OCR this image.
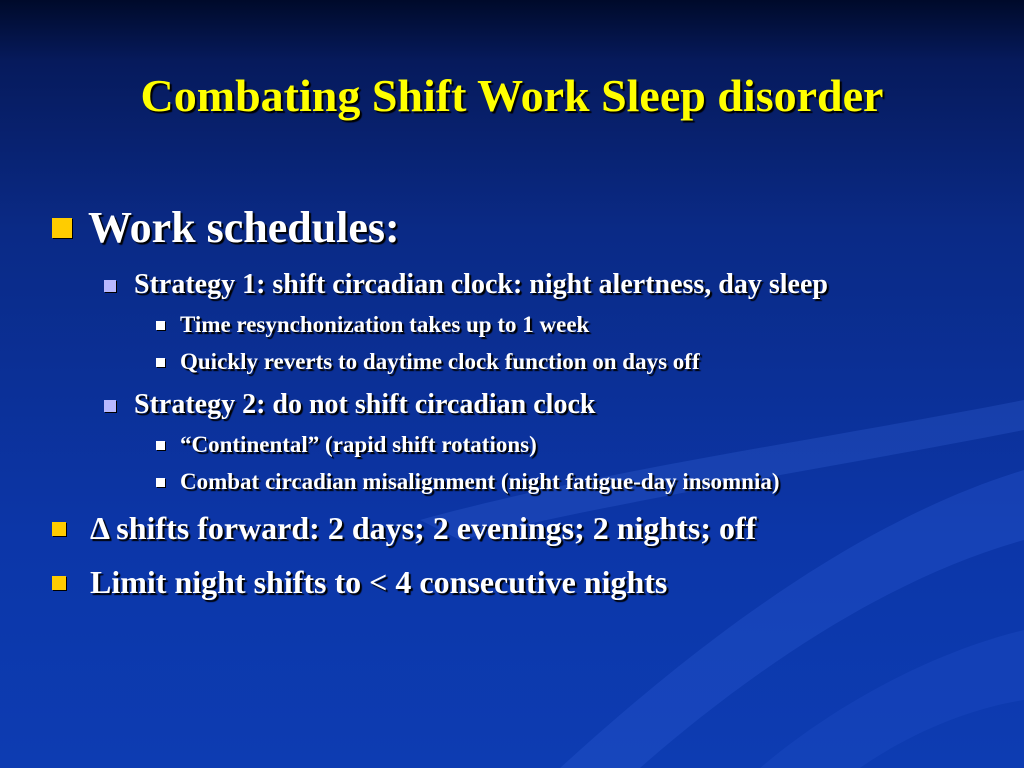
Combating Shift Work Sleep disorder
Work schedules:
Strategy 1: shift circadian clock: night alertness, day sleep
Time resynchonization takes up to 1 week
Quickly reverts to daytime clock function on days off
Strategy 2: do not shift circadian clock
“Continental” (rapid shift rotations)
Combat circadian misalignment (night fatigue-day insomnia)
Δ shifts forward: 2 days; 2 evenings; 2 nights; off
Limit night shifts to < 4 consecutive nights
